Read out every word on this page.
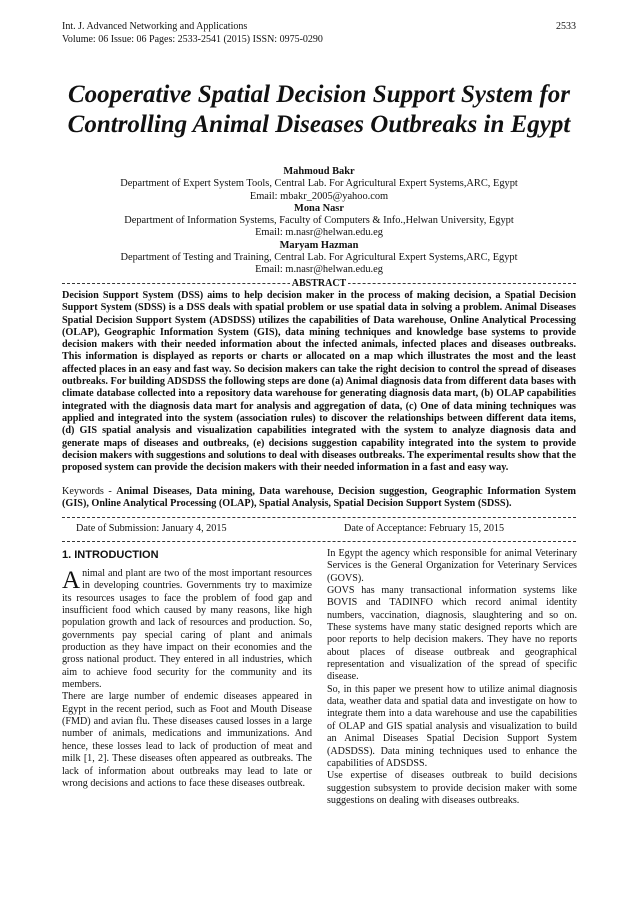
Int. J. Advanced Networking and Applications	2533
Volume: 06 Issue: 06 Pages: 2533-2541 (2015) ISSN: 0975-0290
Cooperative Spatial Decision Support System for Controlling Animal Diseases Outbreaks in Egypt
Mahmoud Bakr
Department of Expert System Tools, Central Lab. For Agricultural Expert Systems,ARC, Egypt
Email: mbakr_2005@yahoo.com
Mona Nasr
Department of Information Systems, Faculty of Computers & Info.,Helwan University, Egypt
Email: m.nasr@helwan.edu.eg
Maryam Hazman
Department of Testing and Training, Central Lab. For Agricultural Expert Systems,ARC, Egypt
Email: m.nasr@helwan.edu.eg
ABSTRACT

Decision Support System (DSS) aims to help decision maker in the process of making decision, a Spatial Decision Support System (SDSS) is a DSS deals with spatial problem or use spatial data in solving a problem. Animal Diseases Spatial Decision Support System (ADSDSS) utilizes the capabilities of Data warehouse, Online Analytical Processing (OLAP), Geographic Information System (GIS), data mining techniques and knowledge base systems to provide decision makers with their needed information about the infected animals, infected places and diseases outbreaks. This information is displayed as reports or charts or allocated on a map which illustrates the most and the least affected places in an easy and fast way. So decision makers can take the right decision to control the spread of diseases outbreaks. For building ADSDSS the following steps are done (a) Animal diagnosis data from different data bases with climate database collected into a repository data warehouse for generating diagnosis data mart, (b) OLAP capabilities integrated with the diagnosis data mart for analysis and aggregation of data, (c) One of data mining techniques was applied and integrated into the system (association rules) to discover the relationships between different data items, (d) GIS spatial analysis and visualization capabilities integrated with the system to analyze diagnosis data and generate maps of diseases and outbreaks, (e) decisions suggestion capability integrated into the system to provide decision makers with suggestions and solutions to deal with diseases outbreaks. The experimental results show that the proposed system can provide the decision makers with their needed information in a fast and easy way.

Keywords - Animal Diseases, Data mining, Data warehouse, Decision suggestion, Geographic Information System (GIS), Online Analytical Processing (OLAP), Spatial Analysis, Spatial Decision Support System (SDSS).

Date of Submission: January 4, 2015	Date of Acceptance: February 15, 2015
1. INTRODUCTION

Animal and plant are two of the most important resources in developing countries. Governments try to maximize its resources usages to face the problem of food gap and insufficient food which caused by many reasons, like high population growth and lack of resources and production. So, governments pay special caring of plant and animals production as they have impact on their economies and the gross national product. They entered in all industries, which aim to achieve food security for the community and its members.

There are large number of endemic diseases appeared in Egypt in the recent period, such as Foot and Mouth Disease (FMD) and avian flu. These diseases caused losses in a large number of animals, medications and immunizations. And hence, these losses lead to lack of production of meat and milk [1, 2]. These diseases often appeared as outbreaks. The lack of information about outbreaks may lead to late or wrong decisions and actions to face these diseases outbreak.

In Egypt the agency which responsible for animal Veterinary Services is the General Organization for Veterinary Services (GOVS).

GOVS has many transactional information systems like BOVIS and TADINFO which record animal identity numbers, vaccination, diagnosis, slaughtering and so on. These systems have many static designed reports which are poor reports to help decision makers. They have no reports about places of disease outbreak and geographical representation and visualization of the spread of specific disease.

So, in this paper we present how to utilize animal diagnosis data, weather data and spatial data and investigate on how to integrate them into a data warehouse and use the capabilities of OLAP and GIS spatial analysis and visualization to build an Animal Diseases Spatial Decision Support System (ADSDSS). Data mining techniques used to enhance the capabilities of ADSDSS.

Use expertise of diseases outbreak to build decisions suggestion subsystem to provide decision maker with some suggestions on dealing with diseases outbreaks.
